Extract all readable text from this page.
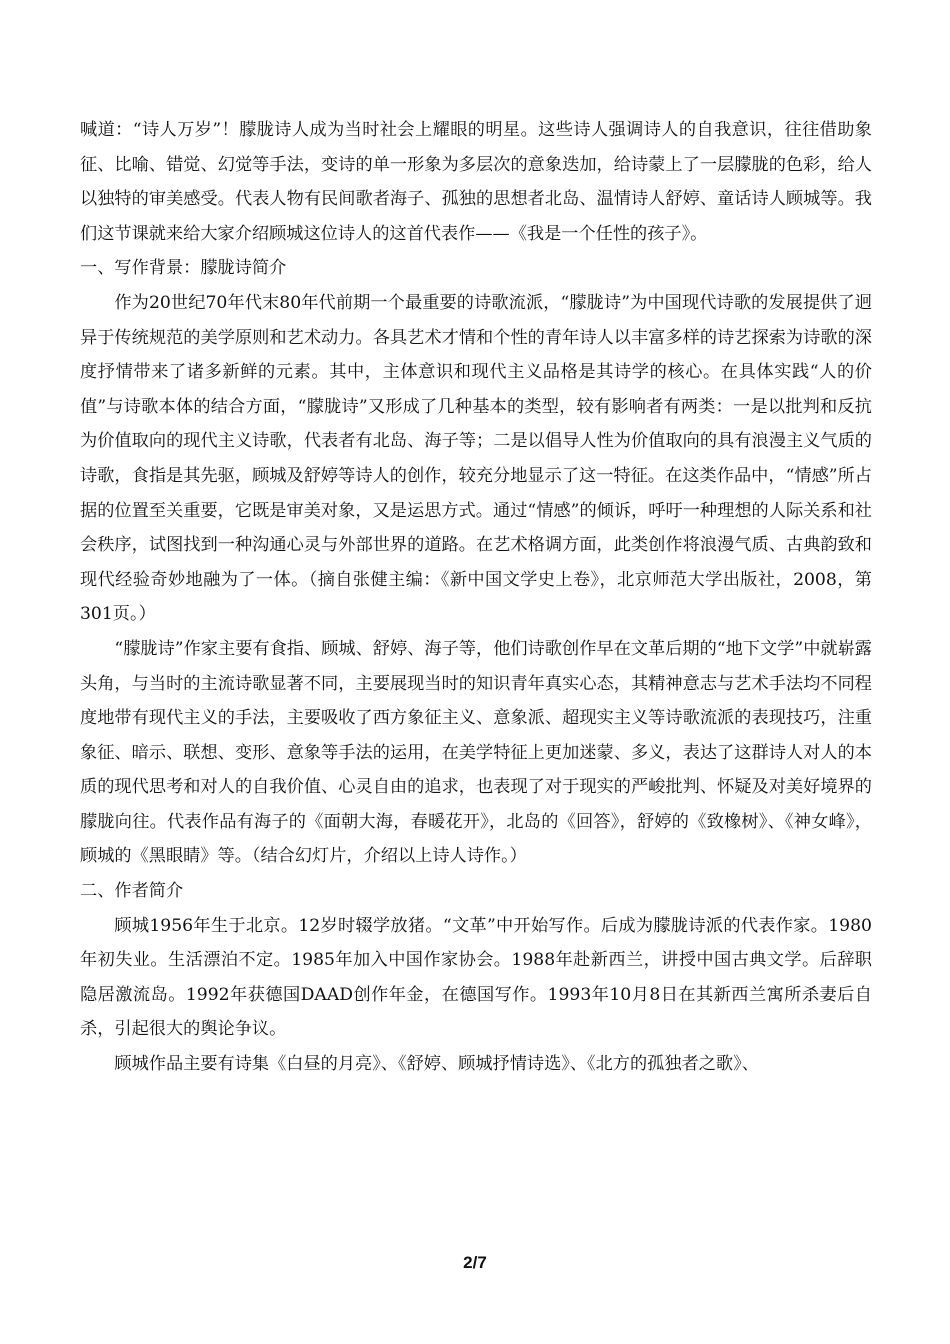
喊道：“诗人万岁”！朦胧诗人成为当时社会上耀眼的明星。这些诗人强调诗人的自我意识，往往借助象征、比喻、错觉、幻觉等手法，变诗的单一形象为多层次的意象迭加，给诗蒙上了一层朦胧的色彩，给人以独特的审美感受。代表人物有民间歌者海子、孤独的思想者北岛、温情诗人舒婷、童话诗人顾城等。我们这节课就来给大家介绍顾城这位诗人的这首代表作——《我是一个任性的孩子》。

一、写作背景：朦胧诗简介

作为20世纪70年代末80年代前期一个最重要的诗歌流派，“朦胧诗”为中国现代诗歌的发展提供了迥异于传统规范的美学原则和艺术动力。各具艺术才情和个性的青年诗人以丰富多样的诗艺探索为诗歌的深度抒情带来了诸多新鲜的元素。其中，主体意识和现代主义品格是其诗学的核心。在具体实践“人的价值”与诗歌本体的结合方面，“朦胧诗”又形成了几种基本的类型，较有影响者有两类：一是以批判和反抗为价值取向的现代主义诗歌，代表者有北岛、海子等；二是以倡导人性为价值取向的具有浪漫主义气质的诗歌，食指是其先驱，顾城及舒婷等诗人的创作，较充分地显示了这一特征。在这类作品中，“情感”所占据的位置至关重要，它既是审美对象，又是运思方式。通过“情感”的倾诉，呼吁一种理想的人际关系和社会秩序，试图找到一种沟通心灵与外部世界的道路。在艺术格调方面，此类创作将浪漫气质、古典韵致和现代经验奇妙地融为了一体。（摘自张健主编：《新中国文学史上卷》，北京师范大学出版社，2008，第301页。）

“朦胧诗”作家主要有食指、顾城、舒婷、海子等，他们诗歌创作早在文革后期的“地下文学”中就崭露头角，与当时的主流诗歌显著不同，主要展现当时的知识青年真实心态，其精神意志与艺术手法均不同程度地带有现代主义的手法，主要吸收了西方象征主义、意象派、超现实主义等诗歌流派的表现技巧，注重象征、暗示、联想、变形、意象等手法的运用，在美学特征上更加迷蒙、多义，表达了这群诗人对人的本质的现代思考和对人的自我价值、心灵自由的追求，也表现了对于现实的严峻批判、怀疑及对美好境界的朦胧向往。代表作品有海子的《面朝大海，春暖花开》，北岛的《回答》，舒婷的《致橡树》、《神女峰》，顾城的《黑眼睛》等。（结合幻灯片，介绍以上诗人诗作。）

二、作者简介

顾城1956年生于北京。12岁时辍学放猪。“文革”中开始写作。后成为朦胧诗派的代表作家。1980年初失业。生活漂泊不定。1985年加入中国作家协会。1988年赴新西兰，讲授中国古典文学。后辞职隐居激流岛。1992年获德国DAAD创作年金，在德国写作。1993年10月8日在其新西兰寓所杀妻后自杀，引起很大的舆论争议。

顾城作品主要有诗集《白昼的月亮》、《舒婷、顾城抒情诗选》、《北方的孤独者之歌》、

2/7
